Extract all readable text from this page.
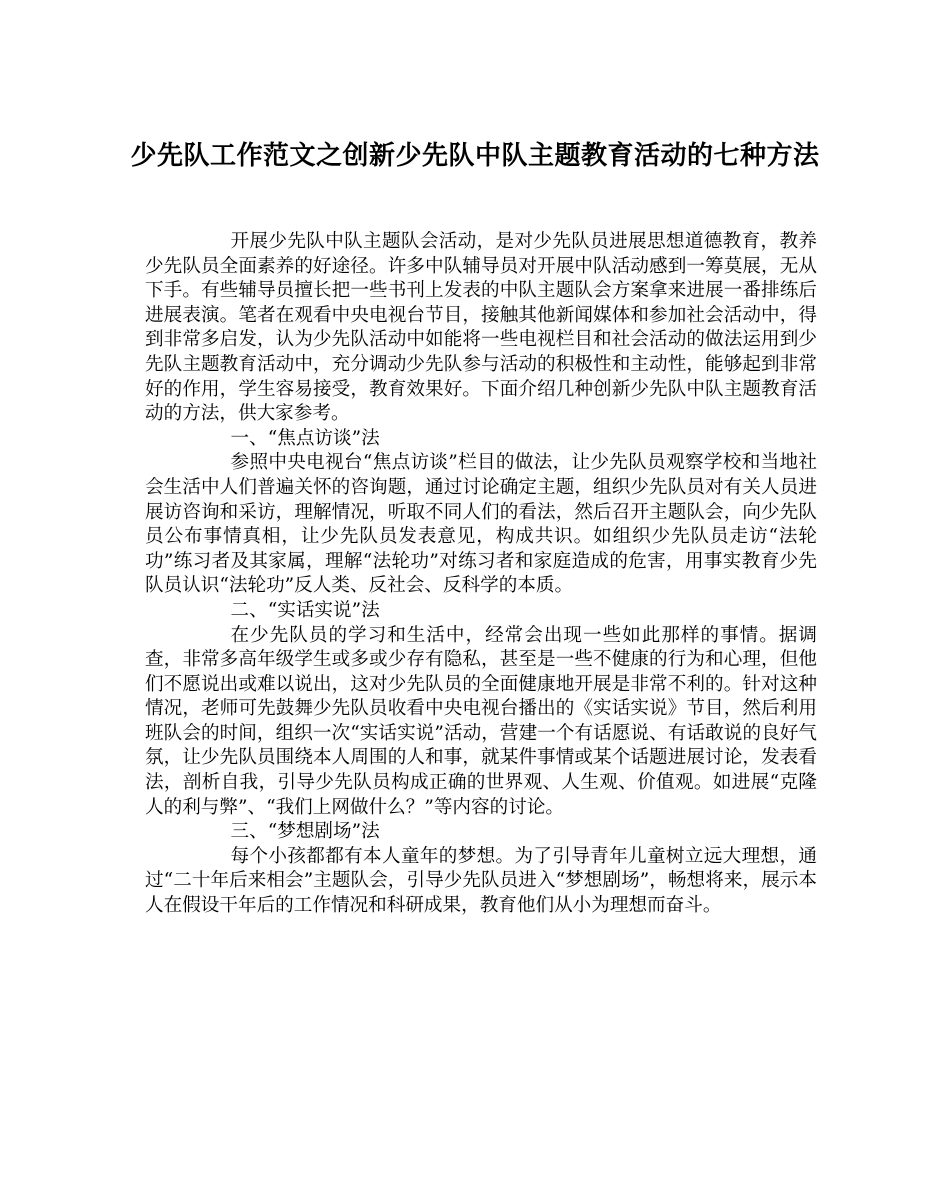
少先队工作范文之创新少先队中队主题教育活动的七种方法

开展少先队中队主题队会活动，是对少先队员进展思想道德教育，教养少先队员全面素养的好途径。许多中队辅导员对开展中队活动感到一筹莫展，无从下手。有些辅导员擅长把一些书刊上发表的中队主题队会方案拿来进展一番排练后进展表演。笔者在观看中央电视台节目，接触其他新闻媒体和参加社会活动中，得到非常多启发，认为少先队活动中如能将一些电视栏目和社会活动的做法运用到少先队主题教育活动中，充分调动少先队参与活动的积极性和主动性，能够起到非常好的作用，学生容易接受，教育效果好。下面介绍几种创新少先队中队主题教育活动的方法，供大家参考。

一、“焦点访谈”法

参照中央电视台“焦点访谈”栏目的做法，让少先队员观察学校和当地社会生活中人们普遍关怀的咨询题，通过讨论确定主题，组织少先队员对有关人员进展访咨询和采访，理解情况，听取不同人们的看法，然后召开主题队会，向少先队员公布事情真相，让少先队员发表意见，构成共识。如组织少先队员走访“法轮功”练习者及其家属，理解“法轮功”对练习者和家庭造成的危害，用事实教育少先队员认识“法轮功”反人类、反社会、反科学的本质。

二、“实话实说”法

在少先队员的学习和生活中，经常会出现一些如此那样的事情。据调查，非常多高年级学生或多或少存有隐私，甚至是一些不健康的行为和心理，但他们不愿说出或难以说出，这对少先队员的全面健康地开展是非常不利的。针对这种情况，老师可先鼓舞少先队员收看中央电视台播出的《实话实说》节目，然后利用班队会的时间，组织一次“实话实说”活动，营建一个有话愿说、有话敢说的良好气氛，让少先队员围绕本人周围的人和事，就某件事情或某个话题进展讨论，发表看法，剖析自我，引导少先队员构成正确的世界观、人生观、价值观。如进展“克隆人的利与弊”、“我们上网做什么？”等内容的讨论。

三、“梦想剧场”法

每个小孩都都有本人童年的梦想。为了引导青年儿童树立远大理想，通过“二十年后来相会”主题队会，引导少先队员进入“梦想剧场”，畅想将来，展示本人在假设干年后的工作情况和科研成果，教育他们从小为理想而奋斗。
